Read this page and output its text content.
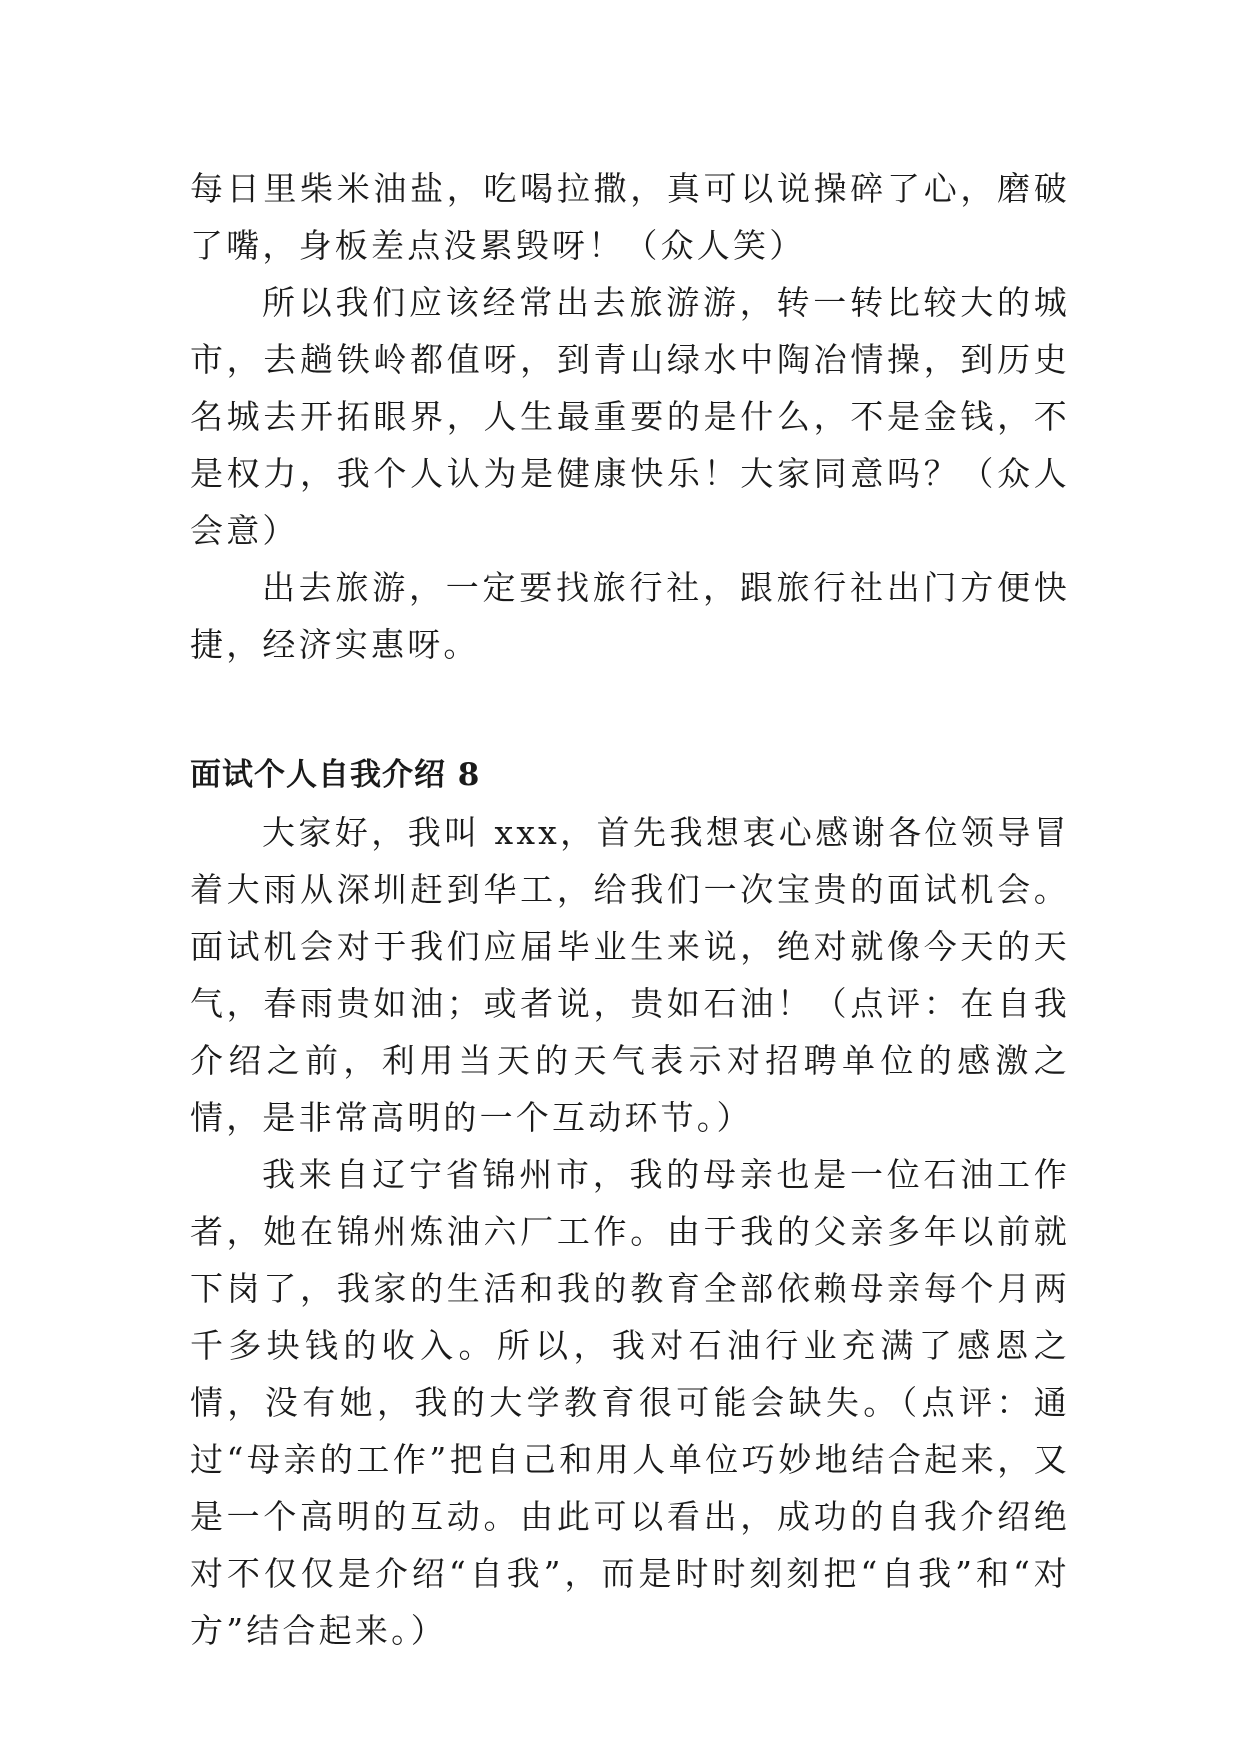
每日里柴米油盐，吃喝拉撒，真可以说操碎了心，磨破了嘴，身板差点没累毁呀！（众人笑）

所以我们应该经常出去旅游游，转一转比较大的城市，去趟铁岭都值呀，到青山绿水中陶冶情操，到历史名城去开拓眼界，人生最重要的是什么，不是金钱，不是权力，我个人认为是健康快乐！大家同意吗？（众人会意）

出去旅游，一定要找旅行社，跟旅行社出门方便快捷，经济实惠呀。

面试个人自我介绍 8

大家好，我叫 xxx，首先我想衷心感谢各位领导冒着大雨从深圳赶到华工，给我们一次宝贵的面试机会。面试机会对于我们应届毕业生来说，绝对就像今天的天气，春雨贵如油；或者说，贵如石油！（点评：在自我介绍之前，利用当天的天气表示对招聘单位的感激之情，是非常高明的一个互动环节。）

我来自辽宁省锦州市，我的母亲也是一位石油工作者，她在锦州炼油六厂工作。由于我的父亲多年以前就下岗了，我家的生活和我的教育全部依赖母亲每个月两千多块钱的收入。所以，我对石油行业充满了感恩之情，没有她，我的大学教育很可能会缺失。（点评：通过“母亲的工作”把自己和用人单位巧妙地结合起来，又是一个高明的互动。由此可以看出，成功的自我介绍绝对不仅仅是介绍“自我”，而是时时刻刻把“自我”和“对方”结合起来。）
